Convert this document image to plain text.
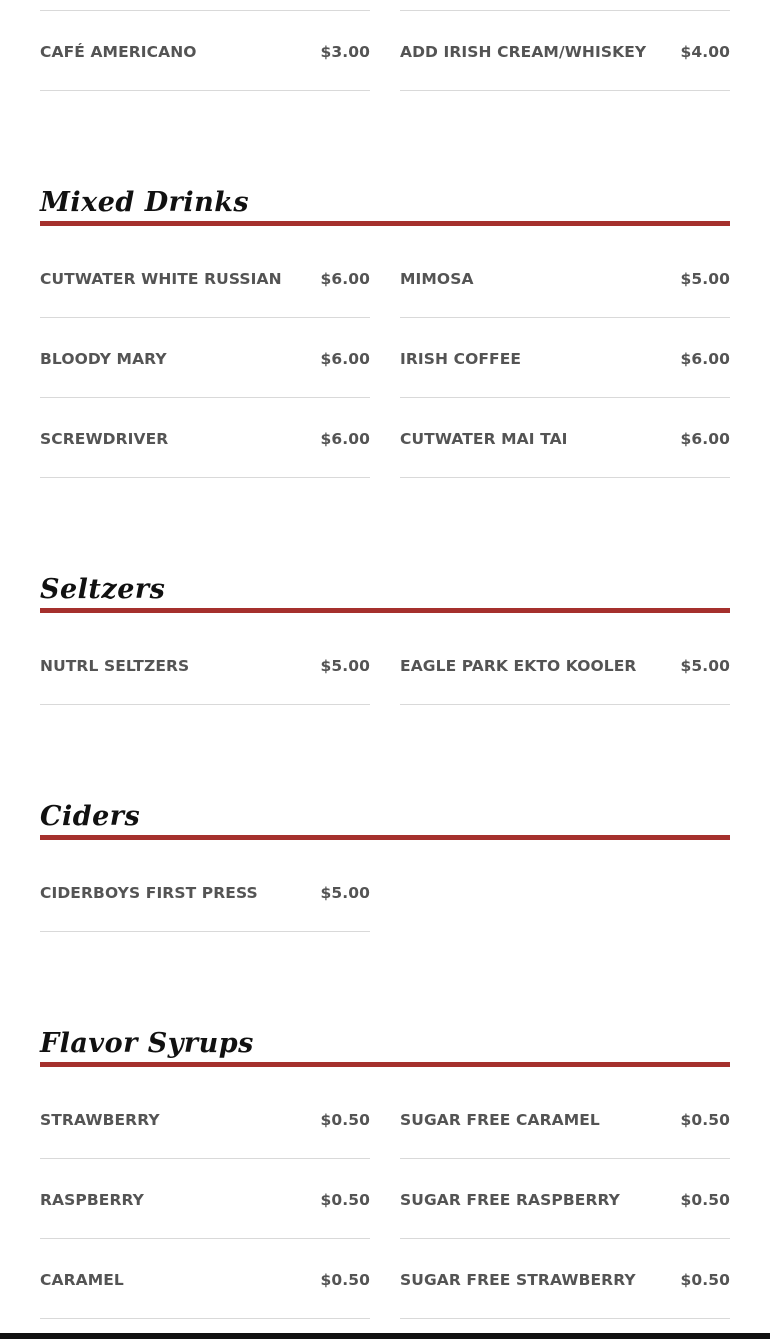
CAFÉ AMERICANO	$3.00 ADD IRISH CREAM/WHISKEY $4.00
Mixed Drinks
CUTWATER WHITE RUSSIAN	$6.00 MIMOSA	$5.00
BLOODY MARY	$6.00 IRISH COFFEE	$6.00
SCREWDRIVER	$6.00 CUTWATER MAI TAI	$6.00
Seltzers
NUTRL SELTZERS	$5.00 EAGLE PARK EKTO KOOLER	$5.00
Ciders
CIDERBOYS FIRST PRESS	$5.00
Flavor Syrups
STRAWBERRY	$0.50 SUGAR FREE CARAMEL	$0.50
RASPBERRY	$0.50 SUGAR FREE RASPBERRY	$0.50
CARAMEL	$0.50 SUGAR FREE STRAWBERRY	$0.50
